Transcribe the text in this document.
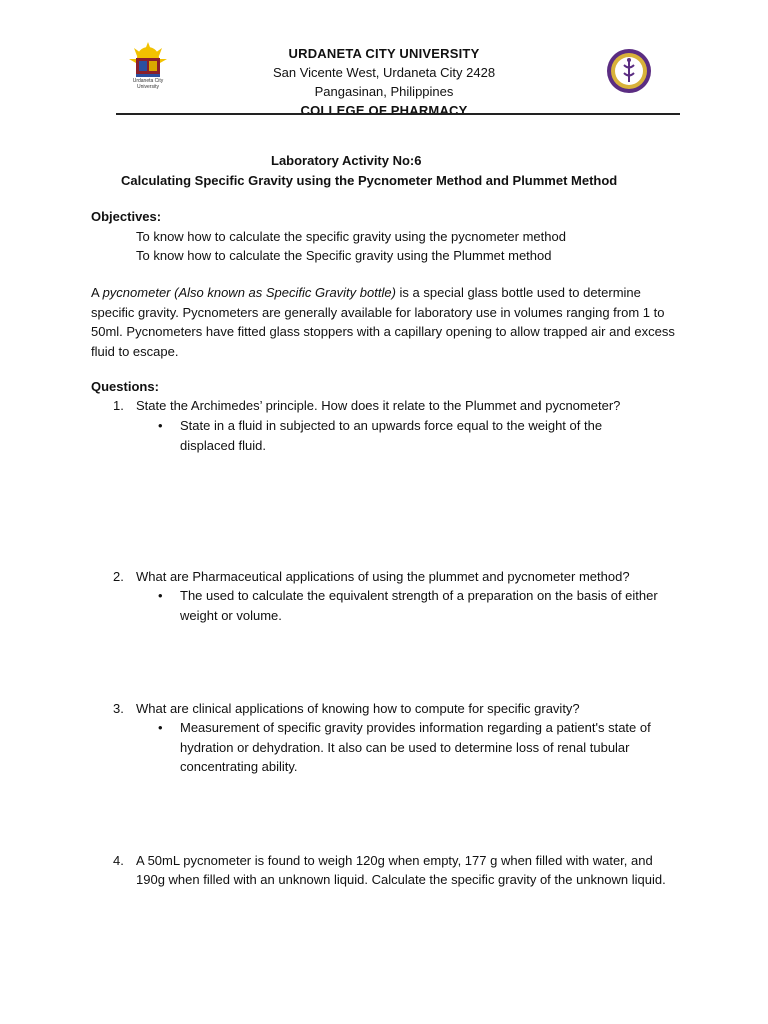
Urdaneta City University
URDANETA CITY UNIVERSITY
San Vicente West, Urdaneta City 2428
Pangasinan, Philippines
COLLEGE OF PHARMACY
Laboratory Activity No:6
Calculating Specific Gravity using the Pycnometer Method and Plummet Method
Objectives:
To know how to calculate the specific gravity using the pycnometer method
To know how to calculate the Specific gravity using the Plummet method
A pycnometer (Also known as Specific Gravity bottle) is a special glass bottle used to determine specific gravity. Pycnometers are generally available for laboratory use in volumes ranging from 1 to 50ml. Pycnometers have fitted glass stoppers with a capillary opening to allow trapped air and excess fluid to escape.
Questions:
1. State the Archimedes’ principle. How does it relate to the Plummet and pycnometer?
•	State in a fluid in subjected to an upwards force equal to the weight of the displaced fluid.
2. What are Pharmaceutical applications of using the plummet and pycnometer method?
•	The used to calculate the equivalent strength of a preparation on the basis of either weight or volume.
3. What are clinical applications of knowing how to compute for specific gravity?
•	Measurement of specific gravity provides information regarding a patient's state of hydration or dehydration. It also can be used to determine loss of renal tubular concentrating ability.
4. A 50mL pycnometer is found to weigh 120g when empty, 177 g when filled with water, and 190g when filled with an unknown liquid. Calculate the specific gravity of the unknown liquid.
